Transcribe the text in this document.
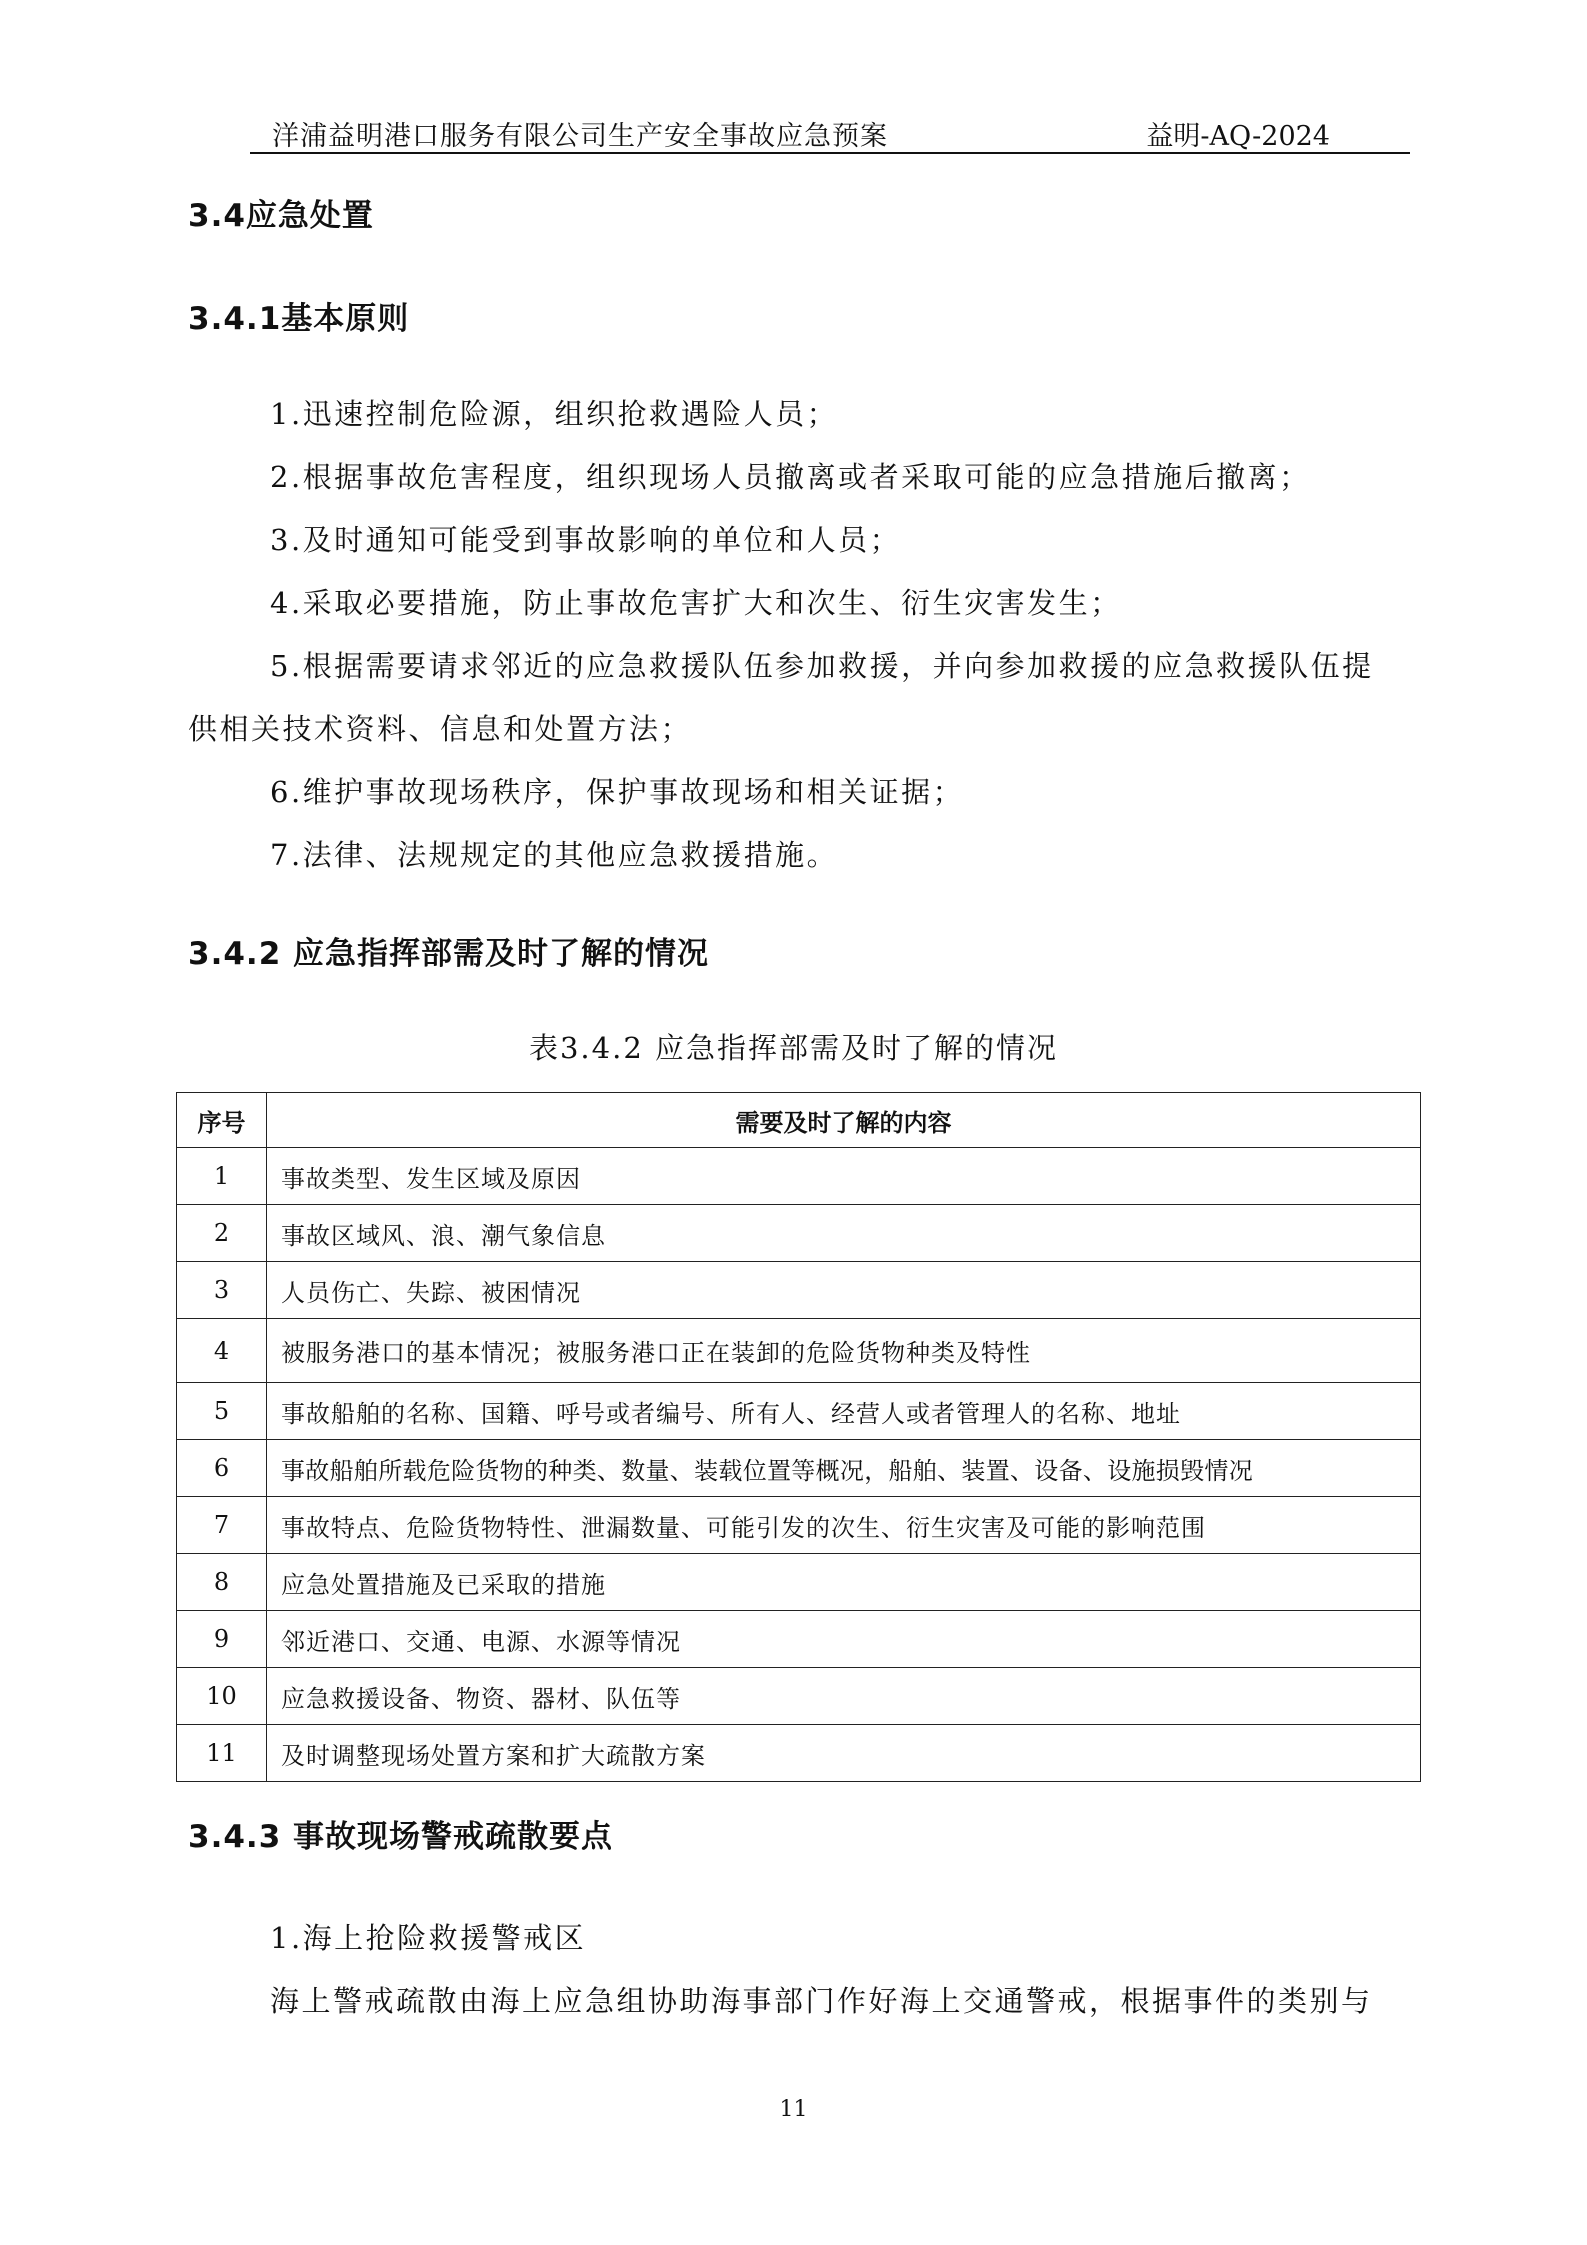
洋浦益明港口服务有限公司生产安全事故应急预案	益明-AQ-2024
3.4应急处置
3.4.1基本原则
1.迅速控制危险源，组织抢救遇险人员；
2.根据事故危害程度，组织现场人员撤离或者采取可能的应急措施后撤离；
3.及时通知可能受到事故影响的单位和人员；
4.采取必要措施，防止事故危害扩大和次生、衍生灾害发生；
5.根据需要请求邻近的应急救援队伍参加救援，并向参加救援的应急救援队伍提
供相关技术资料、信息和处置方法；
6.维护事故现场秩序，保护事故现场和相关证据；
7.法律、法规规定的其他应急救援措施。
3.4.2 应急指挥部需及时了解的情况
表3.4.2 应急指挥部需及时了解的情况
序号	需要及时了解的内容
1	事故类型、发生区域及原因
2	事故区域风、浪、潮气象信息
3	人员伤亡、失踪、被困情况
4	被服务港口的基本情况；被服务港口正在装卸的危险货物种类及特性
5	事故船舶的名称、国籍、呼号或者编号、所有人、经营人或者管理人的名称、地址
6	事故船舶所载危险货物的种类、数量、装载位置等概况，船舶、装置、设备、设施损毁情况
7	事故特点、危险货物特性、泄漏数量、可能引发的次生、衍生灾害及可能的影响范围
8	应急处置措施及已采取的措施
9	邻近港口、交通、电源、水源等情况
10	应急救援设备、物资、器材、队伍等
11	及时调整现场处置方案和扩大疏散方案
3.4.3 事故现场警戒疏散要点
1.海上抢险救援警戒区
海上警戒疏散由海上应急组协助海事部门作好海上交通警戒，根据事件的类别与
11
